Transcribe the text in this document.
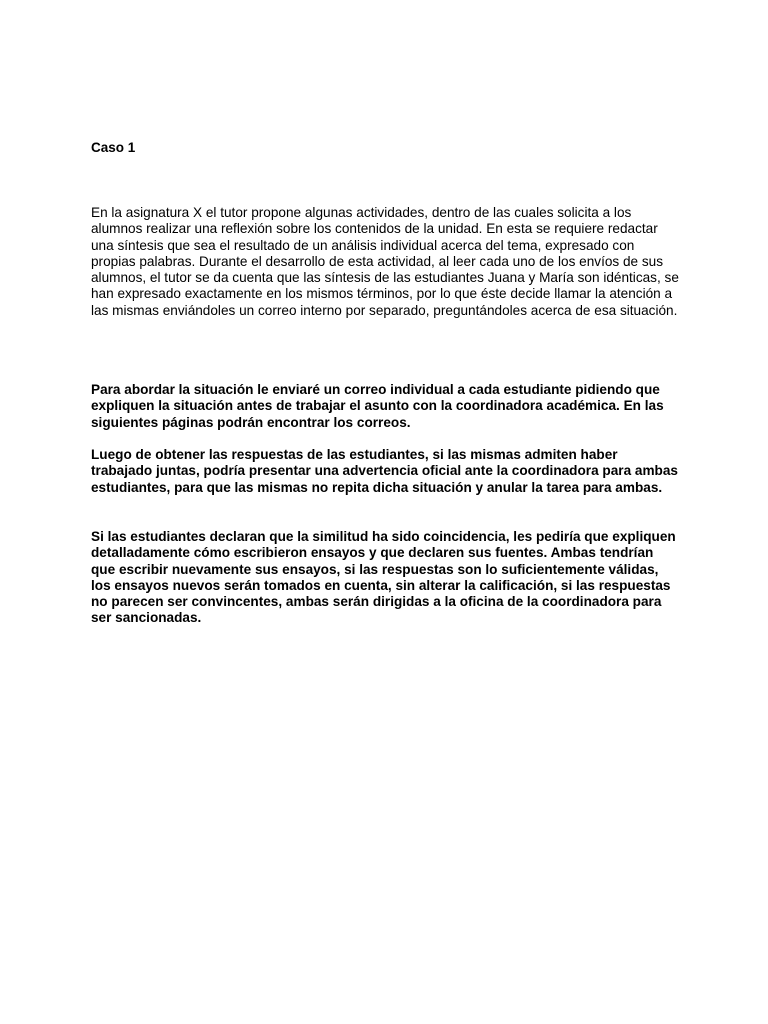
Caso 1

En la asignatura X el tutor propone algunas actividades, dentro de las cuales solicita a los alumnos realizar una reflexión sobre los contenidos de la unidad. En esta se requiere redactar una síntesis que sea el resultado de un análisis individual acerca del tema, expresado con propias palabras. Durante el desarrollo de esta actividad, al leer cada uno de los envíos de sus alumnos, el tutor se da cuenta que las síntesis de las estudiantes Juana y María son idénticas, se han expresado exactamente en los mismos términos, por lo que éste decide llamar la atención a las mismas enviándoles un correo interno por separado, preguntándoles acerca de esa situación.

Para abordar la situación le enviaré un correo individual a cada estudiante pidiendo que expliquen la situación antes de trabajar el asunto con la coordinadora académica. En las siguientes páginas podrán encontrar los correos.

Luego de obtener las respuestas de las estudiantes, si las mismas admiten haber trabajado juntas, podría presentar una advertencia oficial ante la coordinadora para ambas estudiantes, para que las mismas no repita dicha situación y anular la tarea para ambas.

Si las estudiantes declaran que la similitud ha sido coincidencia, les pediría que expliquen detalladamente cómo escribieron ensayos y que declaren sus fuentes. Ambas tendrían que escribir nuevamente sus ensayos, si las respuestas son lo suficientemente válidas, los ensayos nuevos serán tomados en cuenta, sin alterar la calificación, si las respuestas no parecen ser convincentes, ambas serán dirigidas a la oficina de la coordinadora para ser sancionadas.
